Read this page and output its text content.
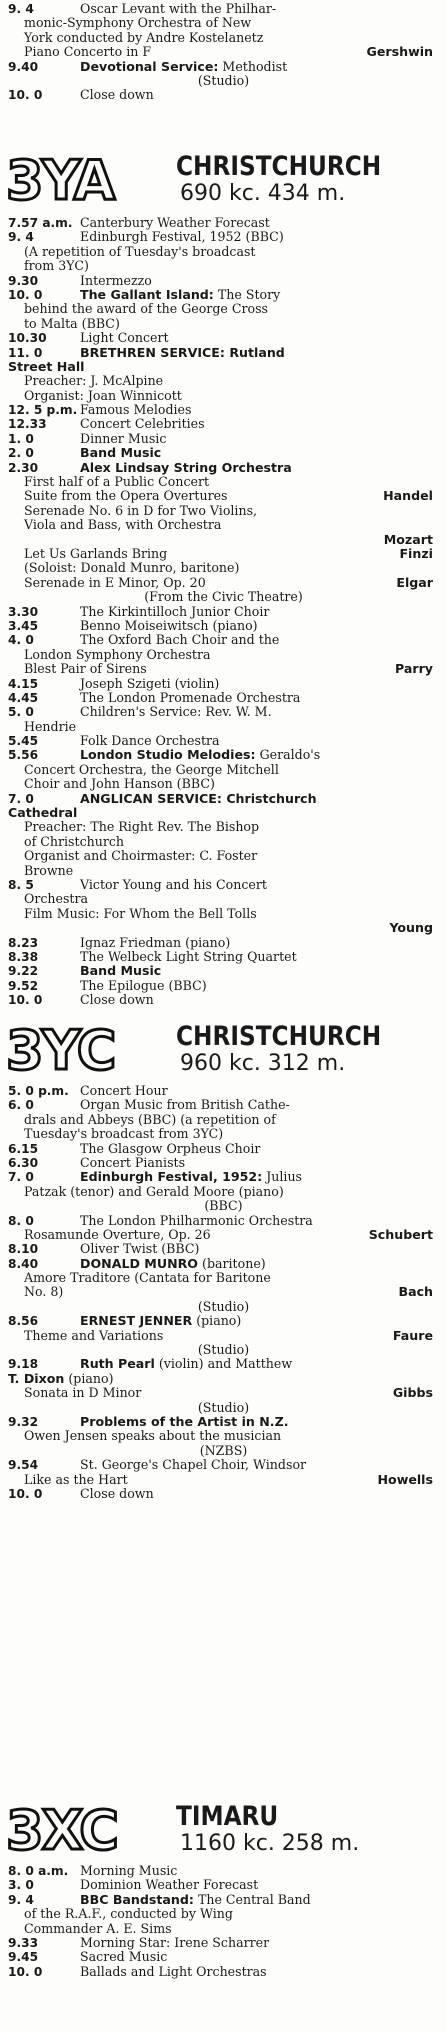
9. 4	Oscar Levant with the Philhar-
monic-Symphony Orchestra of New
York conducted by Andre Kostelanetz
Piano Concerto in F	Gershwin
9.40	Devotional Service: Methodist
(Studio)
10. 0	Close down
3YA CHRISTCHURCH
690 kc. 434 m.
7.57 a.m. Canterbury Weather Forecast
9. 4	Edinburgh Festival, 1952 (BBC)
(A repetition of Tuesday's broadcast
from 3YC)
9.30	Intermezzo
10. 0	The Gallant Island: The Story
behind the award of the George Cross
to Malta (BBC)
10.30	Light Concert
11. 0	BRETHREN SERVICE: Rutland
Street Hall
Preacher: J. McAlpine
Organist: Joan Winnicott
12. 5 p.m. Famous Melodies
12.33	Concert Celebrities
1. 0	Dinner Music
2. 0	Band Music
2.30	Alex Lindsay String Orchestra
First half of a Public Concert
Suite from the Opera Overtures	Handel
Serenade No. 6 in D for Two Violins,
Viola and Bass, with Orchestra
Mozart
Let Us Garlands Bring	Finzi
(Soloist: Donald Munro, baritone)
Serenade in E Minor, Op. 20	Elgar
(From the Civic Theatre)
3.30	The Kirkintilloch Junior Choir
3.45	Benno Moiseiwitsch (piano)
4. 0	The Oxford Bach Choir and the
London Symphony Orchestra
Blest Pair of Sirens	Parry
4.15	Joseph Szigeti (violin)
4.45	The London Promenade Orchestra
5. 0	Children's Service: Rev. W. M.
Hendrie
5.45	Folk Dance Orchestra
5.56	London Studio Melodies: Geraldo's
Concert Orchestra, the George Mitchell
Choir and John Hanson (BBC)
7. 0	ANGLICAN SERVICE: Christchurch
Cathedral
Preacher: The Right Rev. The Bishop
of Christchurch
Organist and Choirmaster: C. Foster
Browne
8. 5	Victor Young and his Concert
Orchestra
Film Music: For Whom the Bell Tolls
Young
8.23	Ignaz Friedman (piano)
8.38	The Welbeck Light String Quartet
9.22	Band Music
9.52	The Epilogue (BBC)
10. 0	Close down
3YC CHRISTCHURCH
960 kc. 312 m.
5. 0 p.m. Concert Hour
6. 0	Organ Music from British Cathe-
drals and Abbeys (BBC) (a repetition of
Tuesday's broadcast from 3YC)
6.15	The Glasgow Orpheus Choir
6.30	Concert Pianists
7. 0	Edinburgh Festival, 1952: Julius
Patzak (tenor) and Gerald Moore (piano)
(BBC)
8. 0	The London Philharmonic Orchestra
Rosamunde Overture, Op. 26	Schubert
8.10	Oliver Twist (BBC)
8.40	DONALD MUNRO (baritone)
Amore Traditore (Cantata for Baritone
No. 8)	Bach
(Studio)
8.56	ERNEST JENNER (piano)
Theme and Variations	Faure
(Studio)
9.18	Ruth Pearl (violin) and Matthew
T. Dixon (piano)
Sonata in D Minor	Gibbs
(Studio)
9.32	Problems of the Artist in N.Z.
Owen Jensen speaks about the musician
(NZBS)
9.54	St. George's Chapel Choir, Windsor
Like as the Hart	Howells
10. 0	Close down
3XC TIMARU
1160 kc. 258 m.
8. 0 a.m. Morning Music
3. 0	Dominion Weather Forecast
9. 4	BBC Bandstand: The Central Band
of the R.A.F., conducted by Wing
Commander A. E. Sims
9.33	Morning Star: Irene Scharrer
9.45	Sacred Music
10. 0	Ballads and Light Orchestras
